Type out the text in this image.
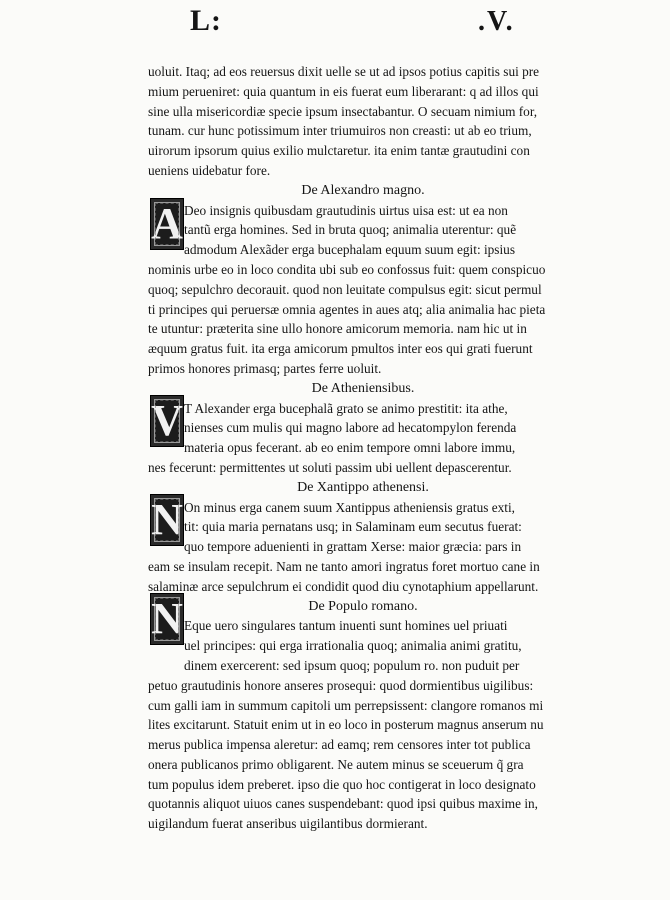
L:	.V.
A
V
N
N
uoluit. Itaq; ad eos reuersus dixit uelle se ut ad ipsos potius capitis sui pre
mium perueniret: quia quantum in eis fuerat eum liberarant: q ad illos qui
sine ulla misericordiæ specie ipsum insectabantur. O secuam nimium for,
tunam. cur hunc potissimum inter triumuiros non creasti: ut ab eo trium,
uirorum ipsorum quius exilio mulctaretur. ita enim tantæ grautudini con
ueniens uidebatur fore.
De Alexandro magno.
Deo insignis quibusdam grautudinis uirtus uisa est: ut ea non
tantũ erga homines. Sed in bruta quoq; animalia uterentur: quẽ
admodum Alexãder erga bucephalam equum suum egit: ipsius
nominis urbe eo in loco condita ubi sub eo confossus fuit: quem conspicuo
quoq; sepulchro decorauit. quod non leuitate compulsus egit: sicut permul
ti principes qui peruersæ omnia agentes in aues atq; alia animalia hac pieta
te utuntur: præterita sine ullo honore amicorum memoria. nam hic ut in
æquum gratus fuit. ita erga amicorum pmultos inter eos qui grati fuerunt
primos honores primasq; partes ferre uoluit.
De Atheniensibus.
T Alexander erga bucephalã grato se animo prestitit: ita athe,
nienses cum mulis qui magno labore ad hecatompylon ferenda
materia opus fecerant. ab eo enim tempore omni labore immu,
nes fecerunt: permittentes ut soluti passim ubi uellent depascerentur.
De Xantippo athenensi.
On minus erga canem suum Xantippus atheniensis gratus exti,
tit: quia maria pernatans usq; in Salaminam eum secutus fuerat:
quo tempore aduenienti in grattam Xerse: maior græcia: pars in
eam se insulam recepit. Nam ne tanto amori ingratus foret mortuo cane in
salaminæ arce sepulchrum ei condidit quod diu cynotaphium appellarunt.
De Populo romano.
Eque uero singulares tantum inuenti sunt homines uel priuati
uel principes: qui erga irrationalia quoq; animalia animi gratitu,
dinem exercerent: sed ipsum quoq; populum ro. non puduit per
petuo grautudinis honore anseres prosequi: quod dormientibus uigilibus:
cum galli iam in summum capitoli um perrepsissent: clangore romanos mi
lites excitarunt. Statuit enim ut in eo loco in posterum magnus anserum nu
merus publica impensa aleretur: ad eamq; rem censores inter tot publica
onera publicanos primo obligarent. Ne autem minus se sceuerum q̃ gra
tum populus idem preberet. ipso die quo hoc contigerat in loco designato
quotannis aliquot uiuos canes suspendebant: quod ipsi quibus maxime in,
uigilandum fuerat anseribus uigilantibus dormierant.
